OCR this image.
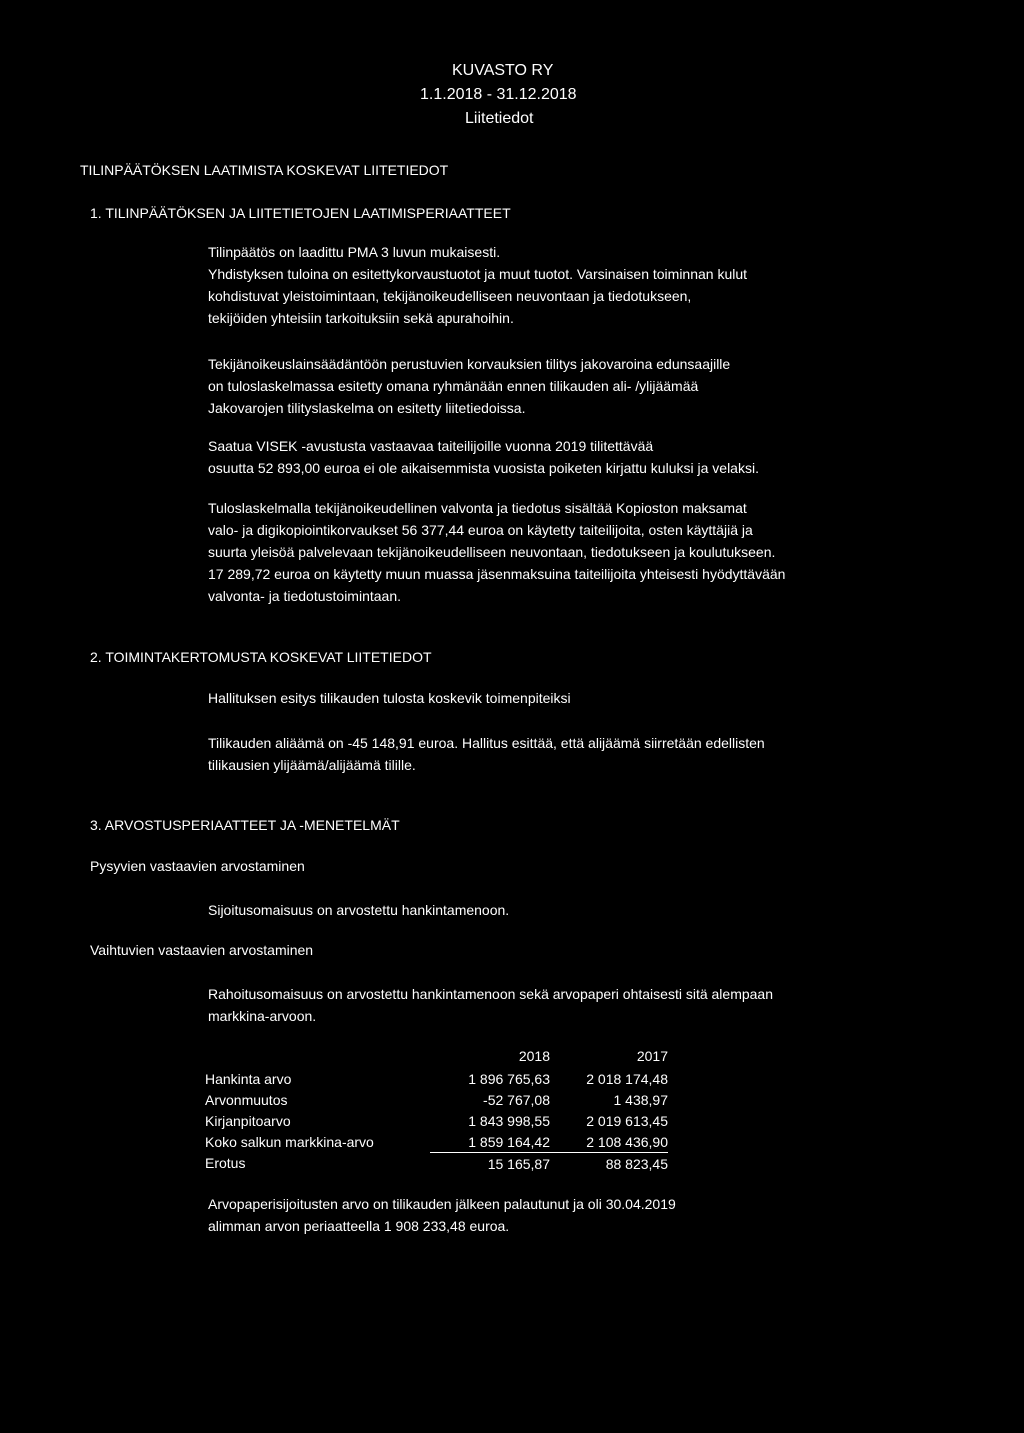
KUVASTO RY
1.1.2018 - 31.12.2018
Liitetiedot
TILINPÄÄTÖKSEN LAATIMISTA KOSKEVAT LIITETIEDOT
1. TILINPÄÄTÖKSEN JA LIITETIETOJEN LAATIMISPERIAATTEET
Tilinpäätös on laadittu PMA 3 luvun mukaisesti.
Yhdistyksen tuloina on esitettykorvaustuotot ja muut tuotot. Varsinaisen toiminnan kulut
kohdistuvat yleistoimintaan, tekijänoikeudelliseen neuvontaan ja tiedotukseen,
tekijöiden yhteisiin tarkoituksiin sekä apurahoihin.
Tekijänoikeuslainsäädäntöön perustuvien korvauksien tilitys jakovaroina edunsaajille
on tuloslaskelmassa esitetty omana ryhmänään ennen tilikauden ali- /ylijäämää
Jakovarojen tilityslaskelma on esitetty liitetiedoissa.
Saatua VISEK -avustusta vastaavaa taiteilijoille vuonna 2019 tilitettävää
osuutta 52 893,00 euroa ei ole aikaisemmista vuosista poiketen kirjattu kuluksi ja velaksi.
Tuloslaskelmalla tekijänoikeudellinen valvonta ja tiedotus sisältää Kopioston maksamat
valo- ja digikopiointikorvaukset 56 377,44 euroa on käytetty taiteilijoita, osten käyttäjiä ja
suurta yleisöä palvelevaan tekijänoikeudelliseen neuvontaan, tiedotukseen ja koulutukseen.
17 289,72 euroa on käytetty muun muassa jäsenmaksuina taiteilijoita yhteisesti hyödyttävään
valvonta- ja tiedotustoimintaan.
2. TOIMINTAKERTOMUSTA KOSKEVAT LIITETIEDOT
Hallituksen esitys tilikauden tulosta koskevik toimenpiteiksi
Tilikauden aliäämä on -45 148,91 euroa. Hallitus esittää, että alijäämä siirretään edellisten
tilikausien ylijäämä/alijäämä tilille.
3. ARVOSTUSPERIAATTEET JA -MENETELMÄT
Pysyvien vastaavien arvostaminen
Sijoitusomaisuus on arvostettu hankintamenoon.
Vaihtuvien vastaavien arvostaminen
Rahoitusomaisuus on arvostettu hankintamenoon sekä arvopaperi ohtaisesti sitä alempaan
markkina-arvoon.
	2018	2017
Hankinta arvo	1 896 765,63	2 018 174,48
Arvonmuutos	-52 767,08	1 438,97
Kirjanpitoarvo	1 843 998,55	2 019 613,45
Koko salkun markkina-arvo	1 859 164,42	2 108 436,90
Erotus	15 165,87	88 823,45
Arvopaperisijoitusten arvo on tilikauden jälkeen palautunut ja oli 30.04.2019
alimman arvon periaatteella 1 908 233,48 euroa.
